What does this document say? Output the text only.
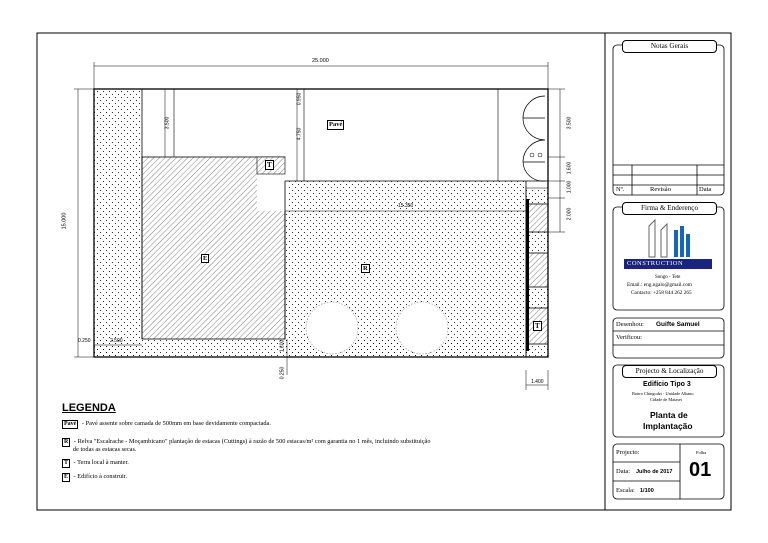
25.000
15.000
3.500
0.950
4.750
3.500
1.600
1.000
2.000
15.350
0.250	2.500	1.600
0.250
1.400
Pavé
T
T
E
R
LEGENDA
Pavé - Pavé assente sobre camada de 500mm em base devidamente compactada.
R - Relva "Escalrache - Moçambicano" plantação de estacas (Cuttings) à razão de 500 estacas/m² com garantia no 1 mês, incluindo substituição
de todas as estacas secas.
T - Terra local à manter.
E - Edifício à construir.
Notas Gerais
Nº.	Revisão	Data
Firma & Enderenço
CONSTRUCTION
Songo - Tete
Email.: eng.ngalo@gmail.com
Contacto: +258 844 262 265
Desenhou: Guifte Samuel
Verificou:
Projecto & Localização
Edifício Tipo 3
Bairro Chingodzi - Unidade Albano
Cidade de Maiasei
Planta de
Implantação
Projecto:	Folha
Data: Julho de 2017
Escala: 1/100
01
